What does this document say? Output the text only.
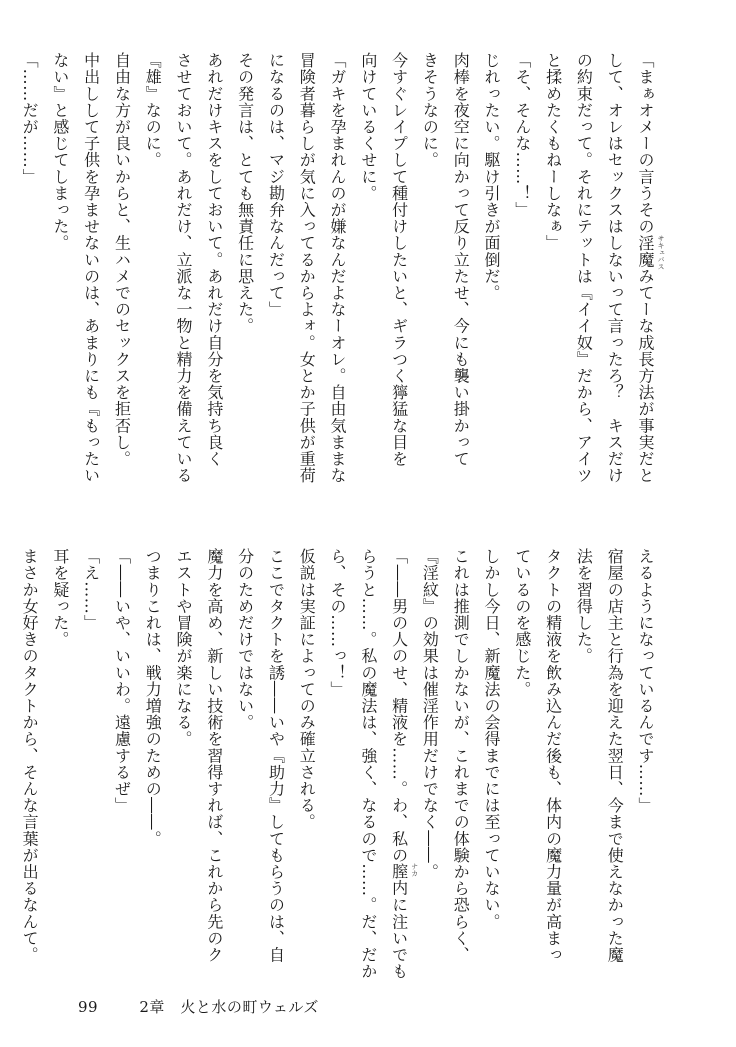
「まぁオメーの言うその淫魔 サキュバス
みてーな成長方法が事実だと
して、オレはセックスはしないって言ったろ？　キスだけ
の約束だって。それにテットは『イイ奴』だから、アイツ
と揉めたくもねーしなぁ」
「そ、そんな……！」
じれったい。駆け引きが面倒だ。
肉棒を夜空に向かって反り立たせ、今にも襲い掛かって
きそうなのに。
今すぐレイプして種付けしたいと、ギラつく獰猛な目を
向けているくせに。
「ガキを孕まれんのが嫌なんだよなーオレ。自由気ままな
冒険者暮らしが気に入ってるからよォ。女とか子供が重荷
になるのは、マジ勘弁なんだって」
その発言は、とても無責任に思えた。
あれだけキスをしておいて。あれだけ自分を気持ち良く
させておいて。あれだけ、立派な一物と精力を備えている
『雄』なのに。
自由な方が良いからと、生ハメでのセックスを拒否し。
中出しして子供を孕ませないのは、あまりにも『もったい
ない』と感じてしまった。
「……だが……」
えるようになっているんです……」
宿屋の店主と行為を迎えた翌日、今まで使えなかった魔
法を習得した。
タクトの精液を飲み込んだ後も、体内の魔力量が高まっ
ているのを感じた。
しかし今日、新魔法の会得までには至っていない。
これは推測でしかないが、これまでの体験から恐らく、
『淫紋』の効果は催淫作用だけでなく――。
「――男の人のせ、精液を……。わ、私の膣内 ナカ
に注いでも
らうと……。私の魔法は、強く、なるので……。だ、だか
ら、その……っ！」
仮説は実証によってのみ確立される。
ここでタクトを誘――いや『助力』してもらうのは、自
分のためだけではない。
魔力を高め、新しい技術を習得すれば、これから先のク
エストや冒険が楽になる。
つまりこれは、戦力増強のための――。
「――いや、いいわ。遠慮するぜ」
「え……」
耳を疑った。
まさか女好きのタクトから、そんな言葉が出るなんて。
99	2章　火と水の町ウェルズ
